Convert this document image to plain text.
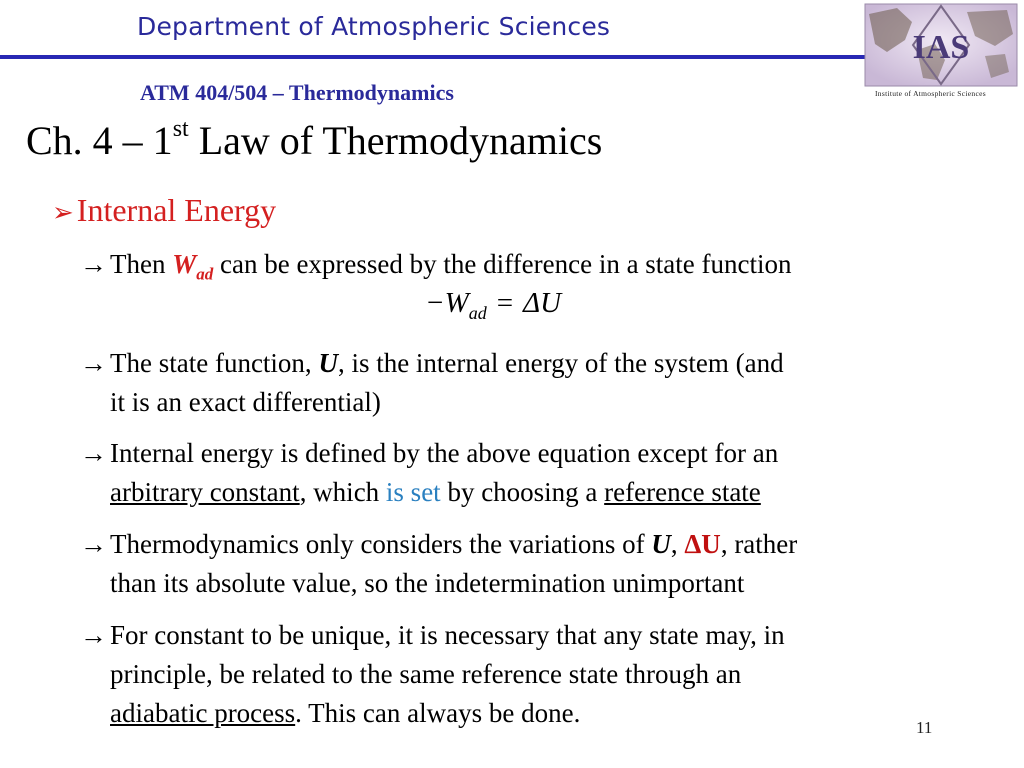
Department of Atmospheric Sciences
IAS
Institute of Atmospheric Sciences
ATM 404/504 – Thermodynamics
Ch. 4 – 1st Law of Thermodynamics
➢Internal Energy
→ Then $W_{ad}$ can be expressed by the difference in a state function
$-W_{ad} = \Delta U$
→ The state function, U, is the internal energy of the system (and
it is an exact differential)
→ Internal energy is defined by the above equation except for an
arbitrary constant, which is set by choosing a reference state
→ Thermodynamics only considers the variations of U, ΔU, rather
than its absolute value, so the indetermination unimportant
→ For constant to be unique, it is necessary that any state may, in
principle, be related to the same reference state through an
adiabatic process. This can always be done.	11
